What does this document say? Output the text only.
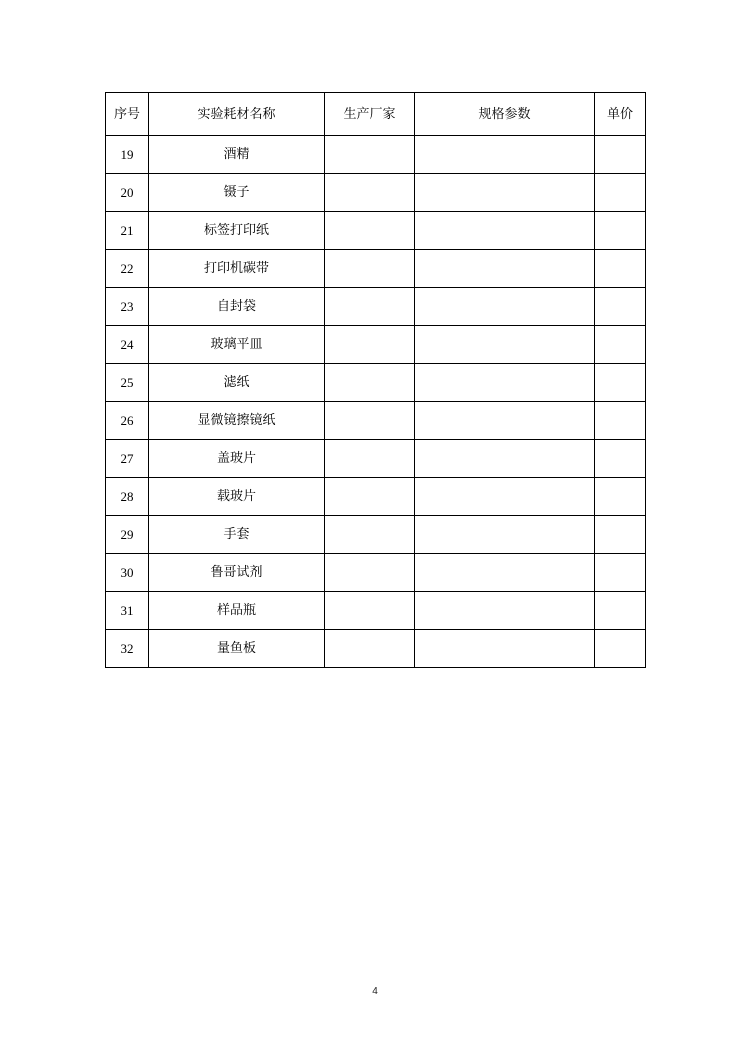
序号	实验耗材名称	生产厂家	规格参数	单价
19	酒精			
20	镊子			
21	标签打印纸			
22	打印机碳带			
23	自封袋			
24	玻璃平皿			
25	滤纸			
26	显微镜擦镜纸			
27	盖玻片			
28	载玻片			
29	手套			
30	鲁哥试剂			
31	样品瓶			
32	量鱼板			
4
